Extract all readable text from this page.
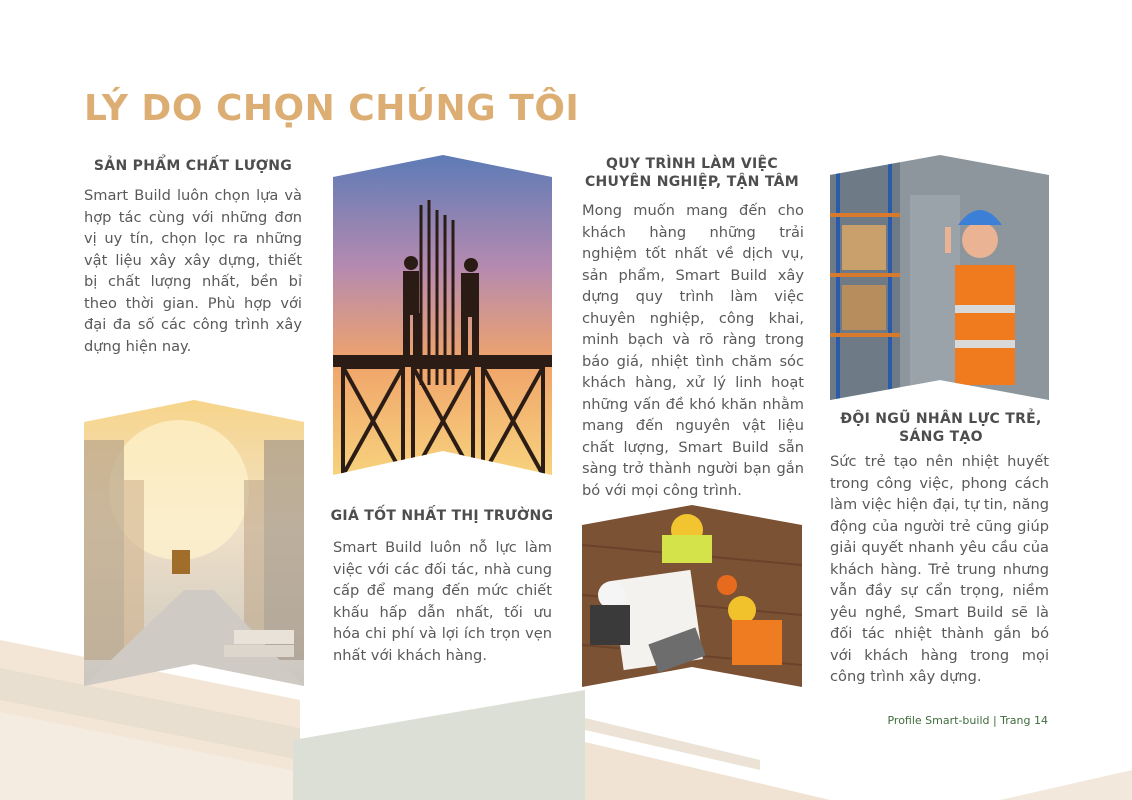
LÝ DO CHỌN CHÚNG TÔI
SẢN PHẨM CHẤT LƯỢNG

Smart Build luôn chọn lựa và hợp tác cùng với những đơn vị uy tín, chọn lọc ra những vật liệu xây xây dựng, thiết bị chất lượng nhất, bền bỉ theo thời gian. Phù hợp với đại đa số các công trình xây dựng hiện nay.

GIÁ TỐT NHẤT THỊ TRƯỜNG

Smart Build luôn nỗ lực làm việc với các đối tác, nhà cung cấp để mang đến mức chiết khấu hấp dẫn nhất, tối ưu hóa chi phí và lợi ích trọn vẹn nhất với khách hàng.

QUY TRÌNH LÀM VIỆC CHUYÊN NGHIỆP, TẬN TÂM

Mong muốn mang đến cho khách hàng những trải nghiệm tốt nhất về dịch vụ, sản phẩm, Smart Build xây dựng quy trình làm việc chuyên nghiệp, công khai, minh bạch và rõ ràng trong báo giá, nhiệt tình chăm sóc khách hàng, xử lý linh hoạt những vấn đề khó khăn nhằm mang đến nguyên vật liệu chất lượng, Smart Build sẵn sàng trở thành người bạn gắn bó với mọi công trình.

ĐỘI NGŨ NHÂN LỰC TRẺ, SÁNG TẠO

Sức trẻ tạo nên nhiệt huyết trong công việc, phong cách làm việc hiện đại, tự tin, năng động của người trẻ cũng giúp giải quyết nhanh yêu cầu của khách hàng. Trẻ trung nhưng vẫn đầy sự cẩn trọng, niềm yêu nghề, Smart Build sẽ là đối tác nhiệt thành gắn bó với khách hàng trong mọi công trình xây dựng.

Profile Smart-build | Trang 14
